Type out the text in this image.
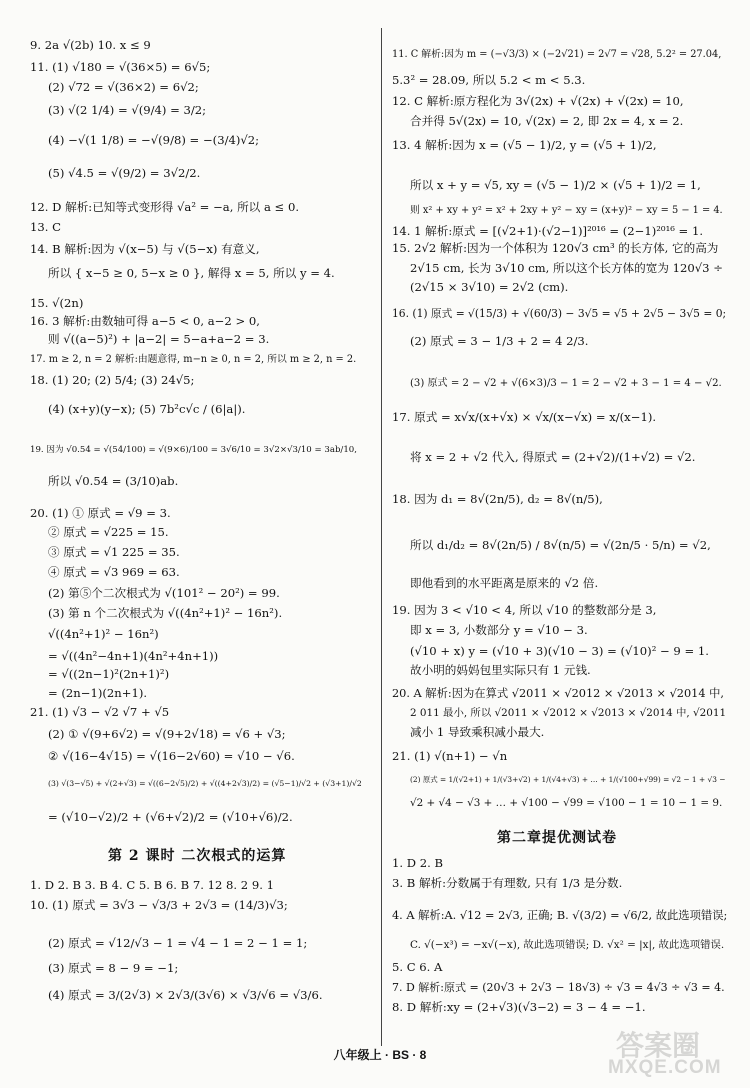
9. 2a √(2b) 10. x ≤ 9
11. (1) √180 = √(36×5) = 6√5;
(2) √72 = √(36×2) = 6√2;
(3) √(2 1/4) = √(9/4) = 3/2;
(4) −√(1 1/8) = −√(9/8) = −(3/4)√2;
(5) √4.5 = √(9/2) = 3√2/2.
12. D 解析:已知等式变形得 √a² = −a, 所以 a ≤ 0.
13. C
14. B 解析:因为 √(x−5) 与 √(5−x) 有意义,
所以 { x−5 ≥ 0, 5−x ≥ 0 }, 解得 x = 5, 所以 y = 4.
15. √(2n)
16. 3 解析:由数轴可得 a−5 < 0, a−2 > 0,
则 √((a−5)²) + |a−2| = 5−a+a−2 = 3.
17. m ≥ 2, n = 2 解析:由题意得, m−n ≥ 0, n = 2, 所以 m ≥ 2, n = 2.
18. (1) 20; (2) 5/4; (3) 24√5;
(4) (x+y)(y−x); (5) 7b²c√c / (6|a|).
19. 因为 √0.54 = √(54/100) = √(9×6)/100 = 3√6/10 = 3√2×√3/10 = 3ab/10,
所以 √0.54 = (3/10)ab.
20. (1) ① 原式 = √9 = 3.
② 原式 = √225 = 15.
③ 原式 = √1 225 = 35.
④ 原式 = √3 969 = 63.
(2) 第⑤个二次根式为 √(101² − 20²) = 99.
(3) 第 n 个二次根式为 √((4n²+1)² − 16n²).
√((4n²+1)² − 16n²)
= √((4n²−4n+1)(4n²+4n+1))
= √((2n−1)²(2n+1)²)
= (2n−1)(2n+1).
21. (1) √3 − √2 √7 + √5
(2) ① √(9+6√2) = √(9+2√18) = √6 + √3;
② √(16−4√15) = √(16−2√60) = √10 − √6.
(3) √(3−√5) + √(2+√3) = √((6−2√5)/2) + √((4+2√3)/2) = (√5−1)/√2 + (√3+1)/√2
= (√10−√2)/2 + (√6+√2)/2 = (√10+√6)/2.
第 2 课时 二次根式的运算
1. D 2. B 3. B 4. C 5. B 6. B 7. 12 8. 2 9. 1
10. (1) 原式 = 3√3 − √3/3 + 2√3 = (14/3)√3;
(2) 原式 = √12/√3 − 1 = √4 − 1 = 2 − 1 = 1;
(3) 原式 = 8 − 9 = −1;
(4) 原式 = 3/(2√3) × 2√3/(3√6) × √3/√6 = √3/6.
11. C 解析:因为 m = (−√3/3) × (−2√21) = 2√7 = √28, 5.2² = 27.04,
5.3² = 28.09, 所以 5.2 < m < 5.3.
12. C 解析:原方程化为 3√(2x) + √(2x) + √(2x) = 10,
合并得 5√(2x) = 10, √(2x) = 2, 即 2x = 4, x = 2.
13. 4 解析:因为 x = (√5 − 1)/2, y = (√5 + 1)/2,
所以 x + y = √5, xy = (√5 − 1)/2 × (√5 + 1)/2 = 1,
则 x² + xy + y² = x² + 2xy + y² − xy = (x+y)² − xy = 5 − 1 = 4.
14. 1 解析:原式 = [(√2+1)·(√2−1)]²⁰¹⁶ = (2−1)²⁰¹⁶ = 1.
15. 2√2 解析:因为一个体积为 120√3 cm³ 的长方体, 它的高为
2√15 cm, 长为 3√10 cm, 所以这个长方体的宽为 120√3 ÷
(2√15 × 3√10) = 2√2 (cm).
16. (1) 原式 = √(15/3) + √(60/3) − 3√5 = √5 + 2√5 − 3√5 = 0;
(2) 原式 = 3 − 1/3 + 2 = 4 2/3.
(3) 原式 = 2 − √2 + √(6×3)/3 − 1 = 2 − √2 + 3 − 1 = 4 − √2.
17. 原式 = x√x/(x+√x) × √x/(x−√x) = x/(x−1).
将 x = 2 + √2 代入, 得原式 = (2+√2)/(1+√2) = √2.
18. 因为 d₁ = 8√(2n/5), d₂ = 8√(n/5),
所以 d₁/d₂ = 8√(2n/5) / 8√(n/5) = √(2n/5 · 5/n) = √2,
即他看到的水平距离是原来的 √2 倍.
19. 因为 3 < √10 < 4, 所以 √10 的整数部分是 3,
即 x = 3, 小数部分 y = √10 − 3.
(√10 + x) y = (√10 + 3)(√10 − 3) = (√10)² − 9 = 1.
故小明的妈妈包里实际只有 1 元钱.
20. A 解析:因为在算式 √2011 × √2012 × √2013 × √2014 中,
2 011 最小, 所以 √2011 × √2012 × √2013 × √2014 中, √2011
减小 1 导致乘积减小最大.
21. (1) √(n+1) − √n
(2) 原式 = 1/(√2+1) + 1/(√3+√2) + 1/(√4+√3) + … + 1/(√100+√99) = √2 − 1 + √3 −
√2 + √4 − √3 + … + √100 − √99 = √100 − 1 = 10 − 1 = 9.
第二章提优测试卷
1. D 2. B
3. B 解析:分数属于有理数, 只有 1/3 是分数.
4. A 解析:A. √12 = 2√3, 正确; B. √(3/2) = √6/2, 故此选项错误;
C. √(−x³) = −x√(−x), 故此选项错误; D. √x² = |x|, 故此选项错误.
5. C 6. A
7. D 解析:原式 = (20√3 + 2√3 − 18√3) ÷ √3 = 4√3 ÷ √3 = 4.
8. D 解析:xy = (2+√3)(√3−2) = 3 − 4 = −1.
八年级上 · BS · 8	答案圈
MXQE.COM
